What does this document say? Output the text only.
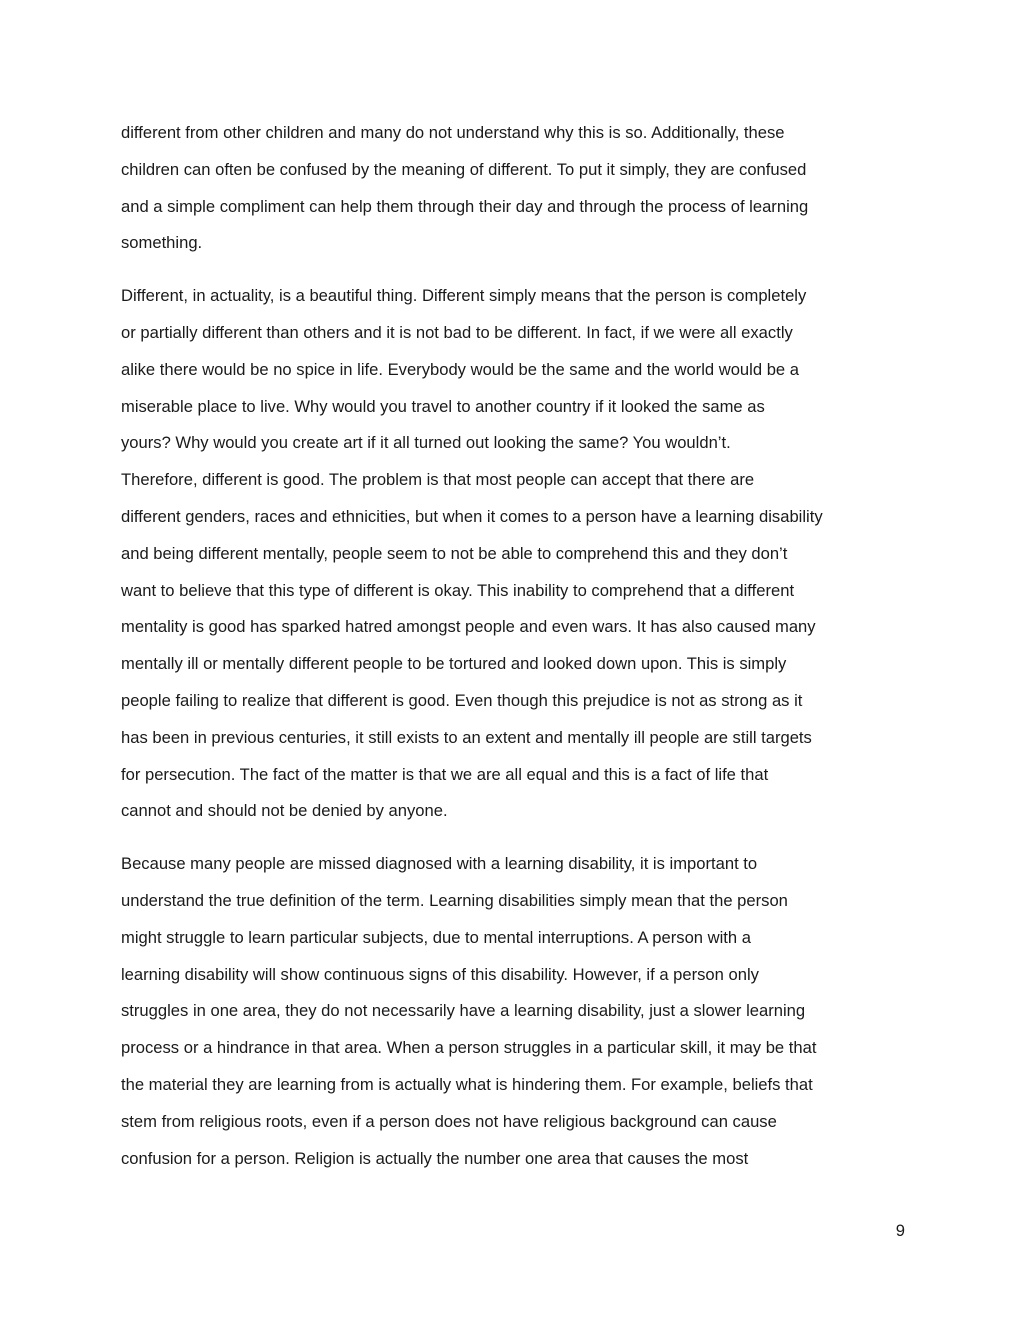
different from other children and many do not understand why this is so. Additionally, these
children can often be confused by the meaning of different. To put it simply, they are confused
and a simple compliment can help them through their day and through the process of learning
something.

Different, in actuality, is a beautiful thing. Different simply means that the person is completely
or partially different than others and it is not bad to be different. In fact, if we were all exactly
alike there would be no spice in life. Everybody would be the same and the world would be a
miserable place to live. Why would you travel to another country if it looked the same as
yours? Why would you create art if it all turned out looking the same? You wouldn’t.
Therefore, different is good. The problem is that most people can accept that there are
different genders, races and ethnicities, but when it comes to a person have a learning disability
and being different mentally, people seem to not be able to comprehend this and they don’t
want to believe that this type of different is okay. This inability to comprehend that a different
mentality is good has sparked hatred amongst people and even wars. It has also caused many
mentally ill or mentally different people to be tortured and looked down upon. This is simply
people failing to realize that different is good. Even though this prejudice is not as strong as it
has been in previous centuries, it still exists to an extent and mentally ill people are still targets
for persecution. The fact of the matter is that we are all equal and this is a fact of life that
cannot and should not be denied by anyone.

Because many people are missed diagnosed with a learning disability, it is important to
understand the true definition of the term. Learning disabilities simply mean that the person
might struggle to learn particular subjects, due to mental interruptions. A person with a
learning disability will show continuous signs of this disability. However, if a person only
struggles in one area, they do not necessarily have a learning disability, just a slower learning
process or a hindrance in that area. When a person struggles in a particular skill, it may be that
the material they are learning from is actually what is hindering them. For example, beliefs that
stem from religious roots, even if a person does not have religious background can cause
confusion for a person. Religion is actually the number one area that causes the most

9
